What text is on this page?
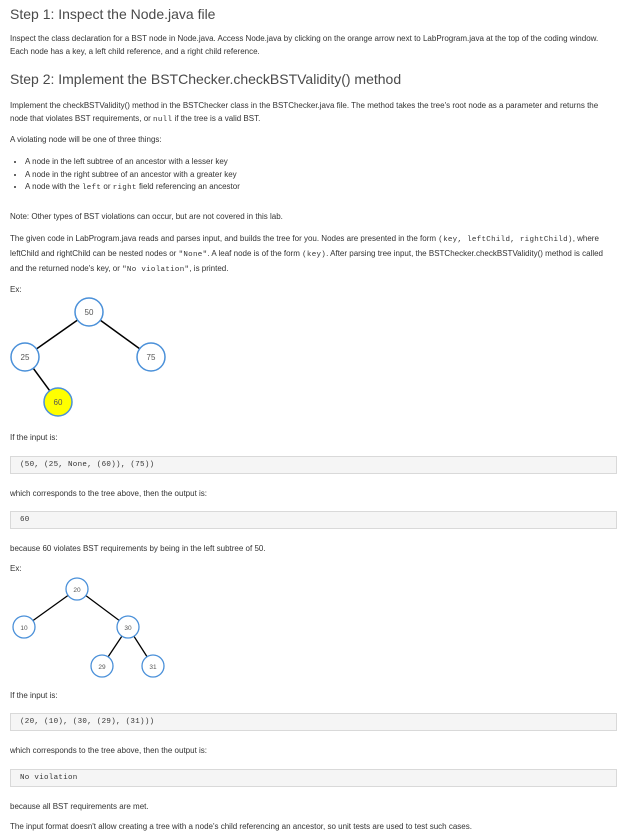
Step 1: Inspect the Node.java file

Inspect the class declaration for a BST node in Node.java. Access Node.java by clicking on the orange arrow next to LabProgram.java at the top of the coding window. Each node has a key, a left child reference, and a right child reference.

Step 2: Implement the BSTChecker.checkBSTValidity() method

Implement the checkBSTValidity() method in the BSTChecker class in the BSTChecker.java file. The method takes the tree's root node as a parameter and returns the node that violates BST requirements, or null if the tree is a valid BST.

A violating node will be one of three things:

• A node in the left subtree of an ancestor with a lesser key
• A node in the right subtree of an ancestor with a greater key
• A node with the left or right field referencing an ancestor

Note: Other types of BST violations can occur, but are not covered in this lab.

The given code in LabProgram.java reads and parses input, and builds the tree for you. Nodes are presented in the form (key, leftChild, rightChild), where leftChild and rightChild can be nested nodes or "None". A leaf node is of the form (key). After parsing tree input, the BSTChecker.checkBSTValidity() method is called and the returned node's key, or "No violation", is printed.

Ex:

50
25	75
60

If the input is:

(50, (25, None, (60)), (75))

which corresponds to the tree above, then the output is:

60

because 60 violates BST requirements by being in the left subtree of 50.

Ex:

20
10	30
29	31

If the input is:

(20, (10), (30, (29), (31)))

which corresponds to the tree above, then the output is:

No violation

because all BST requirements are met.

The input format doesn't allow creating a tree with a node's child referencing an ancestor, so unit tests are used to test such cases.
